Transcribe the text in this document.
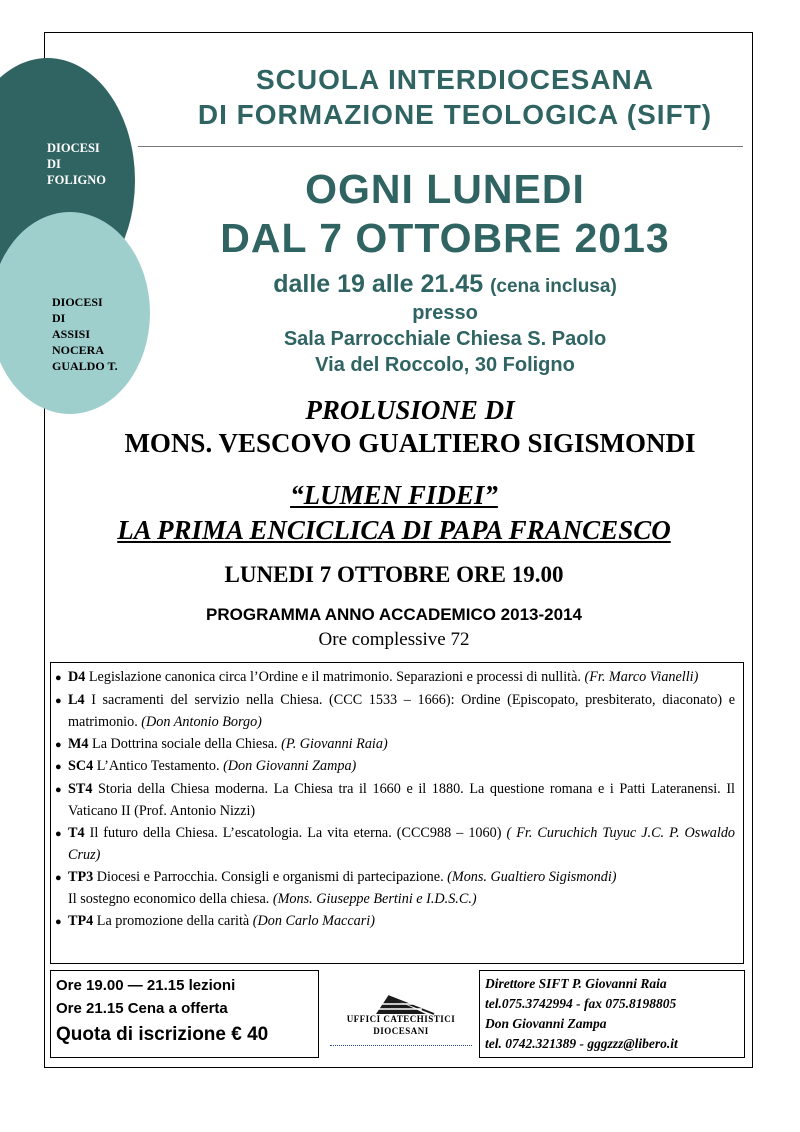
DIOCESI
DI
FOLIGNO
DIOCESI
DI
ASSISI
NOCERA
GUALDO T.
SCUOLA INTERDIOCESANA
DI FORMAZIONE TEOLOGICA (SIFT)
OGNI LUNEDI
DAL 7 OTTOBRE 2013
dalle 19 alle 21.45 (cena inclusa)
presso
Sala Parrocchiale Chiesa S. Paolo
Via del Roccolo, 30 Foligno
PROLUSIONE DI
MONS. VESCOVO GUALTIERO SIGISMONDI
“LUMEN FIDEI”
LA PRIMA ENCICLICA DI PAPA FRANCESCO
LUNEDI 7 OTTOBRE ORE 19.00
PROGRAMMA ANNO ACCADEMICO 2013-2014
Ore complessive 72

● D4 Legislazione canonica circa l’Ordine e il matrimonio. Separazioni e processi di nullità. (Fr. Marco Vianelli)

● L4 I sacramenti del servizio nella Chiesa. (CCC 1533 – 1666): Ordine (Episcopato, presbiterato, diaconato) e matrimonio. (Don Antonio Borgo)

● M4 La Dottrina sociale della Chiesa. (P. Giovanni Raia)

● SC4 L’Antico Testamento. (Don Giovanni Zampa)

● ST4 Storia della Chiesa moderna. La Chiesa tra il 1660 e il 1880. La questione romana e i Patti Lateranensi. Il Vaticano II (Prof. Antonio Nizzi)

● T4 Il futuro della Chiesa. L’escatologia. La vita eterna. (CCC988 – 1060) ( Fr. Curuchich Tuyuc J.C. P. Oswaldo Cruz)

● TP3 Diocesi e Parrocchia. Consigli e organismi di partecipazione. (Mons. Gualtiero Sigismondi)
Il sostegno economico della chiesa. (Mons. Giuseppe Bertini e I.D.S.C.)

● TP4 La promozione della carità (Don Carlo Maccari)

Ore 19.00 — 21.15 lezioni
Ore 21.15 Cena a offerta
Quota di iscrizione € 40
UFFICI CATECHISTICI
DIOCESANI
Direttore SIFT P. Giovanni Raia
tel.075.3742994 - fax 075.8198805
Don Giovanni Zampa
tel. 0742.321389 - gggzzz@libero.it
